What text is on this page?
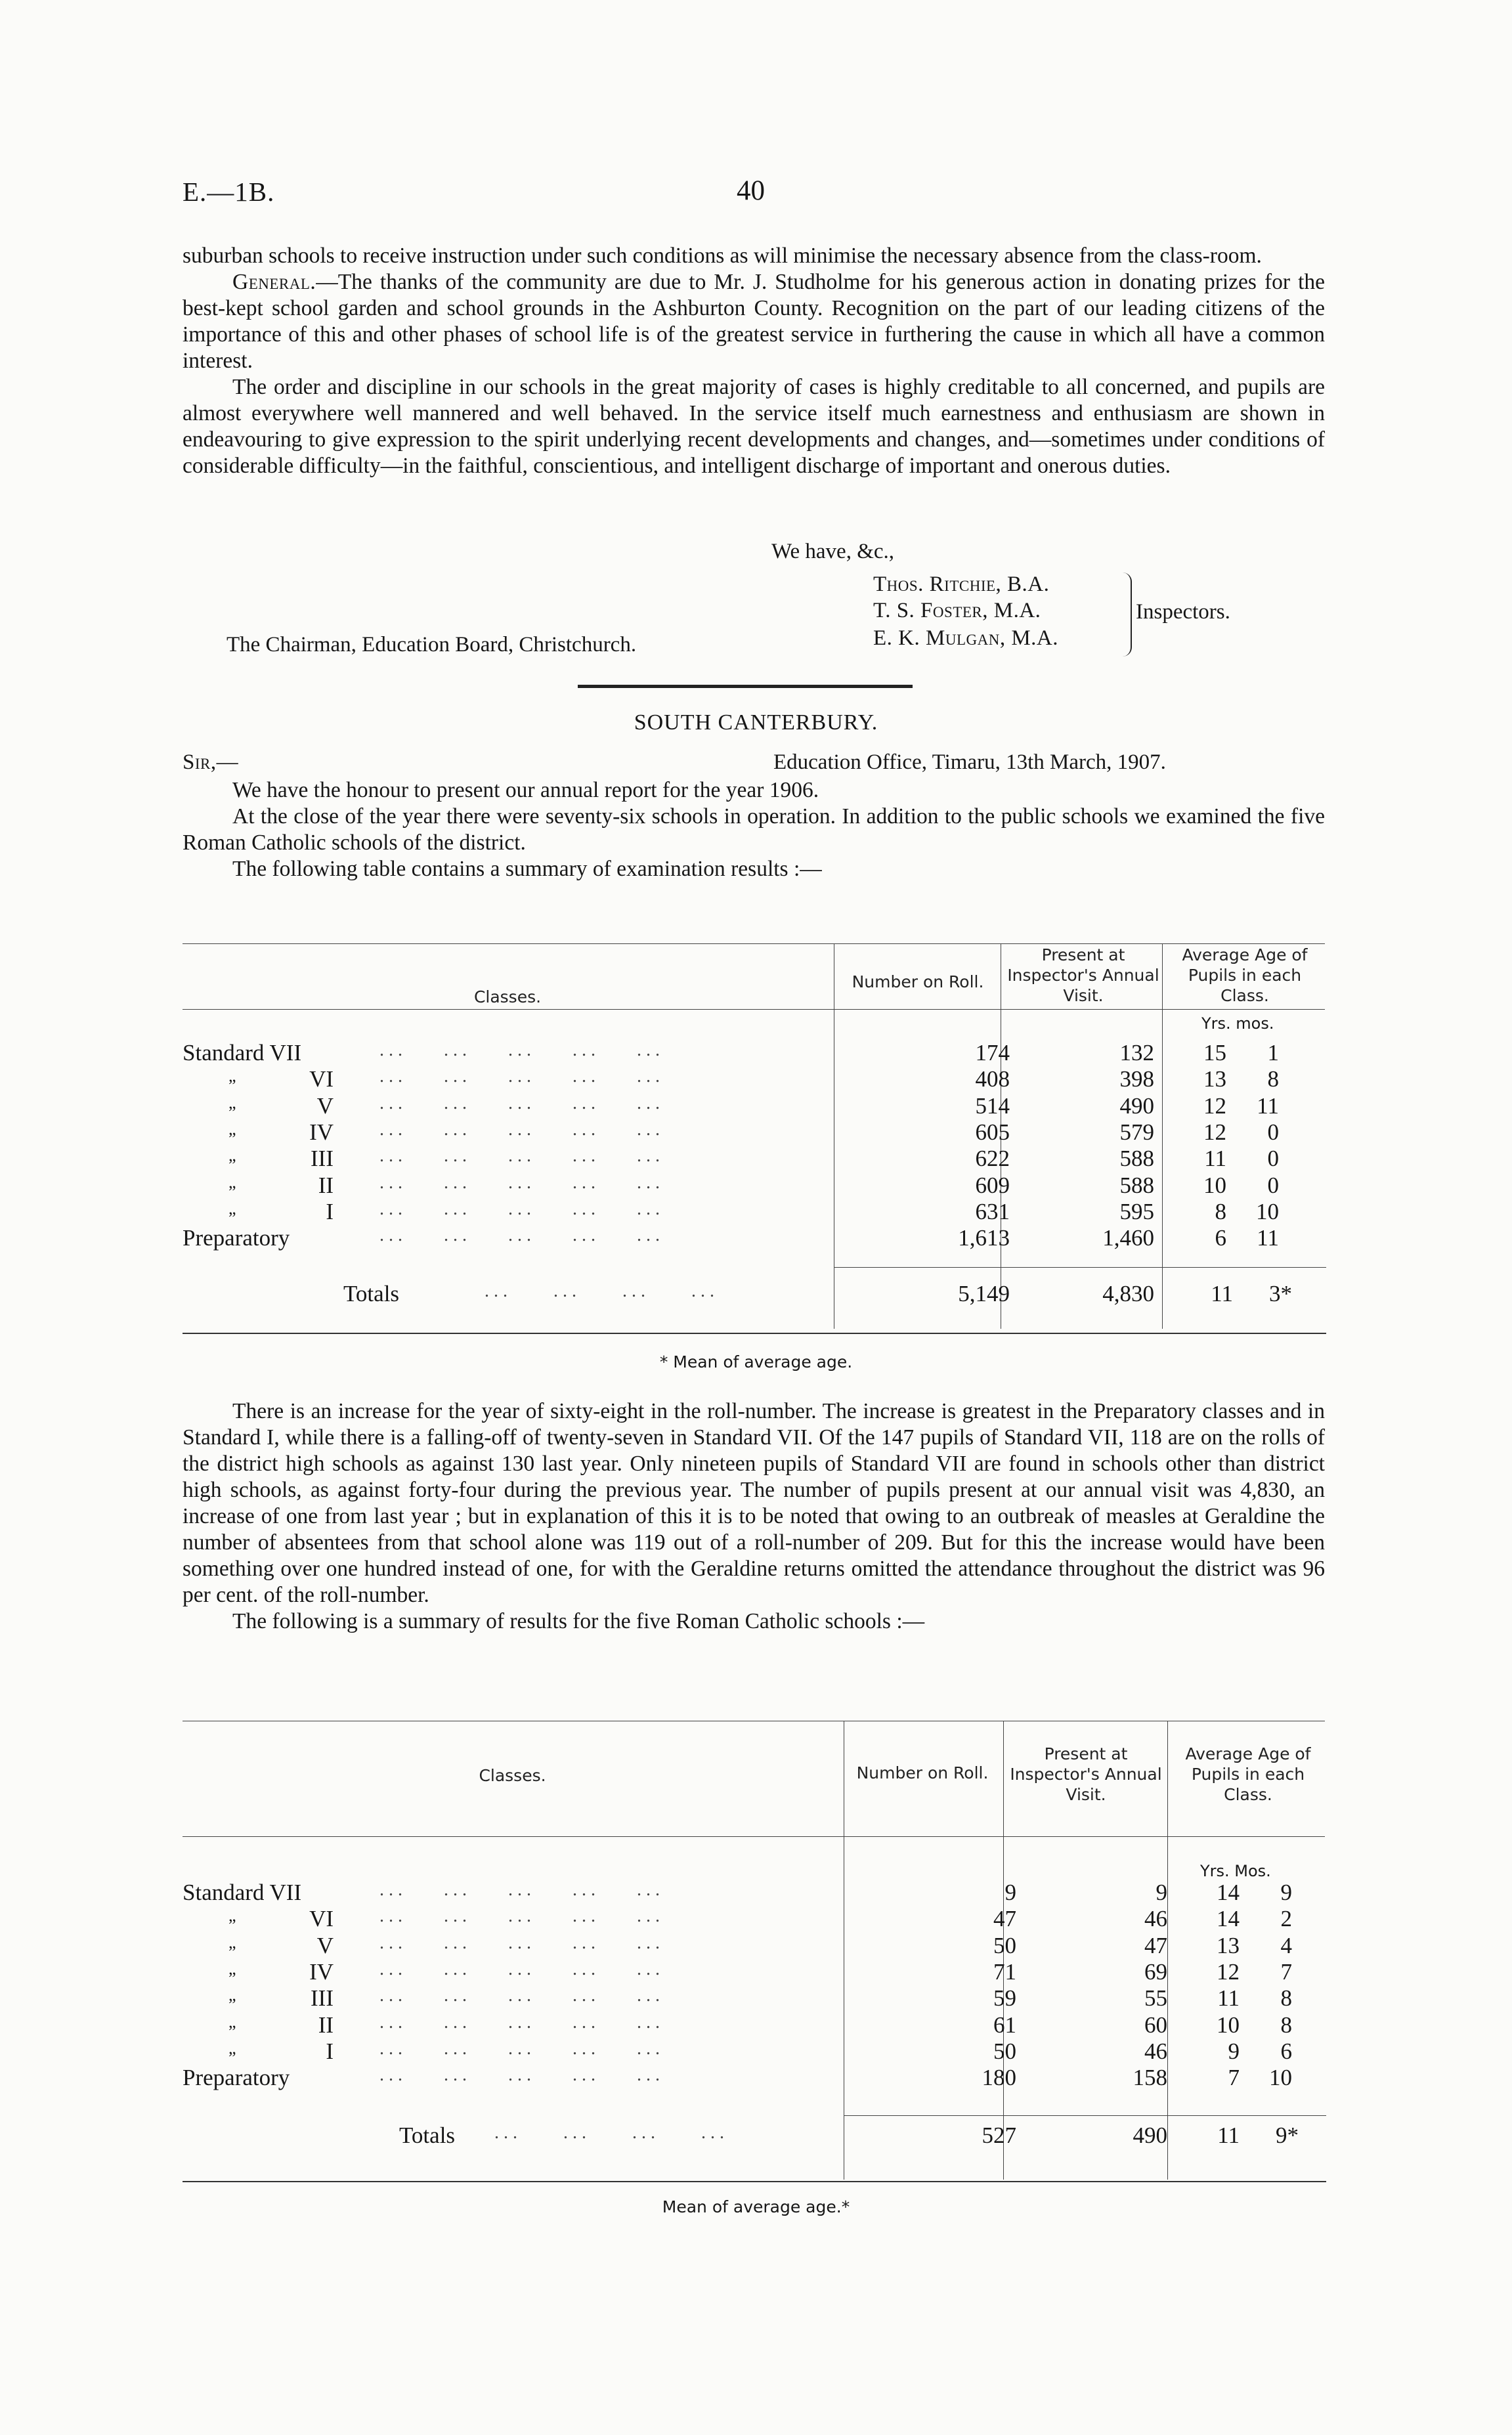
E.—1B.	40

suburban schools to receive instruction under such conditions as will minimise the necessary absence from the class-room.

General.—The thanks of the community are due to Mr. J. Studholme for his generous action in donating prizes for the best-kept school garden and school grounds in the Ashburton County. Recognition on the part of our leading citizens of the importance of this and other phases of school life is of the greatest service in furthering the cause in which all have a common interest.

The order and discipline in our schools in the great majority of cases is highly creditable to all concerned, and pupils are almost everywhere well mannered and well behaved. In the service itself much earnestness and enthusiasm are shown in endeavouring to give expression to the spirit underlying recent developments and changes, and—sometimes under conditions of considerable difficulty—in the faithful, conscientious, and intelligent discharge of important and onerous duties.

We have, &c.,
Thos. Ritchie, B.A.
T. S. Foster, M.A.
E. K. Mulgan, M.A.
Inspectors.
The Chairman, Education Board, Christchurch.
SOUTH CANTERBURY.
Sir,—	Education Office, Timaru, 13th March, 1907.

We have the honour to present our annual report for the year 1906.

At the close of the year there were seventy-six schools in operation. In addition to the public schools we examined the five Roman Catholic schools of the district.

The following table contains a summary of examination results :—

Classes.
Number on Roll.
Present at Inspector's Annual Visit.
Average Age of Pupils in each Class.
Yrs. mos.
Standard VII	. . .         . . .         . . .         . . .         . . .	174	132	15	1
„	VI	. . .         . . .         . . .         . . .         . . .	408	398	13	8
„	V	. . .         . . .         . . .         . . .         . . .	514	490	12	11
„	IV	. . .         . . .         . . .         . . .         . . .	605	579	12	0
„	III	. . .         . . .         . . .         . . .         . . .	622	588	11	0
„	II	. . .         . . .         . . .         . . .         . . .	609	588	10	0
„	I	. . .         . . .         . . .         . . .         . . .	631	595	8	10
Preparatory	. . .         . . .         . . .         . . .         . . .	1,613	1,460	6	11
Totals	. . .          . . .          . . .          . . .	5,149	4,830	11	3*
* Mean of average age.

There is an increase for the year of sixty-eight in the roll-number. The increase is greatest in the Preparatory classes and in Standard I, while there is a falling-off of twenty-seven in Standard VII. Of the 147 pupils of Standard VII, 118 are on the rolls of the district high schools as against 130 last year. Only nineteen pupils of Standard VII are found in schools other than district high schools, as against forty-four during the previous year. The number of pupils present at our annual visit was 4,830, an increase of one from last year ; but in explanation of this it is to be noted that owing to an outbreak of measles at Geraldine the number of absentees from that school alone was 119 out of a roll-number of 209. But for this the increase would have been something over one hundred instead of one, for with the Geraldine returns omitted the attendance throughout the district was 96 per cent. of the roll-number.

The following is a summary of results for the five Roman Catholic schools :—

Classes.	Number on Roll.
Present at Inspector's Annual Visit.
Average Age of Pupils in each Class.
Yrs. Mos.
Standard VII	. . .         . . .         . . .         . . .         . . .	9	9	14	9
„	VI	. . .         . . .         . . .         . . .         . . .	47	46	14	2
„	V	. . .         . . .         . . .         . . .         . . .	50	47	13	4
„	IV	. . .         . . .         . . .         . . .         . . .	71	69	12	7
„	III	. . .         . . .         . . .         . . .         . . .	59	55	11	8
„	II	. . .         . . .         . . .         . . .         . . .	61	60	10	8
„	I	. . .         . . .         . . .         . . .         . . .	50	46	9	6
Preparatory	. . .         . . .         . . .         . . .         . . .	180	158	7	10
Totals . . .          . . .          . . .          . . .	527	490	11	9*
Mean of average age.*
